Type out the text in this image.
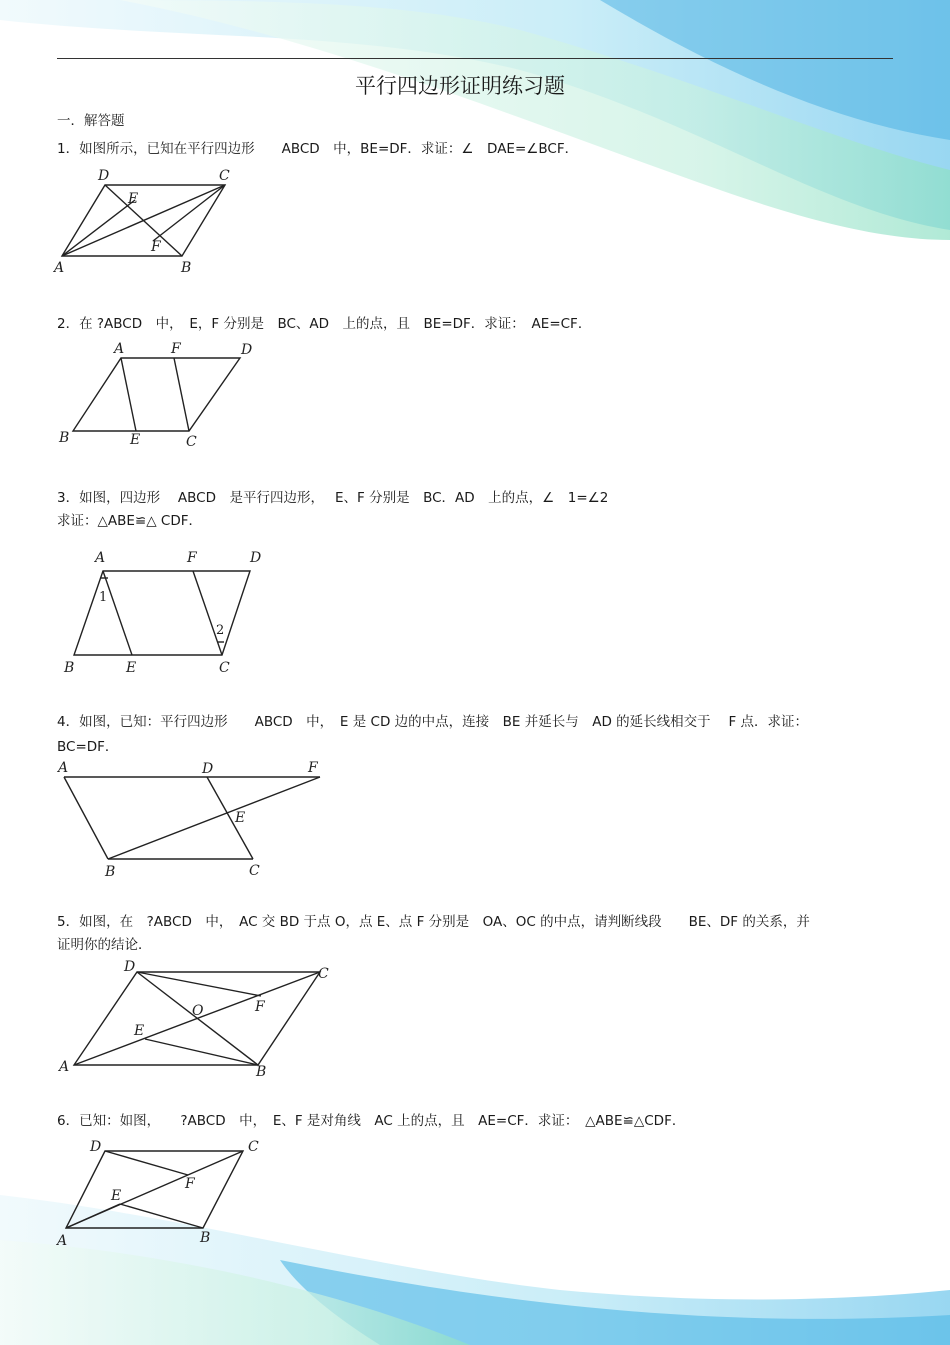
平行四边形证明练习题
一．解答题
1．如图所示，已知在平行四边形　　ABCD　中，BE=DF．求证：∠　DAE=∠BCF．
A	B
C
D
E
F
2．在 ?ABCD　中，　E，F 分别是　BC、AD　上的点，且　BE=DF．求证：　AE=CF．
A
B	C
D
E
F
3．如图，四边形　 ABCD　是平行四边形，　 E、F 分别是　BC．AD　上的点，∠　1=∠2
求证：△ABE≌△ CDF．
A
B	C
D
E
F
1
2
4．如图，已知：平行四边形　　ABCD　中，　E 是 CD 边的中点，连接　BE 并延长与　AD 的延长线相交于　 F 点．求证：
BC=DF．
A
B	C
D
E
F
5．如图，在　?ABCD　中，　AC 交 BD 于点 O，点 E、点 F 分别是　OA、OC 的中点，请判断线段　　BE、DF 的关系，并
证明你的结论．
A	B
C
D
E
F
O
6．已知：如图，　　?ABCD　中，　E、F 是对角线　AC 上的点，且　AE=CF．求证：　△ABE≌△CDF．
A	B
C
D
E
F
